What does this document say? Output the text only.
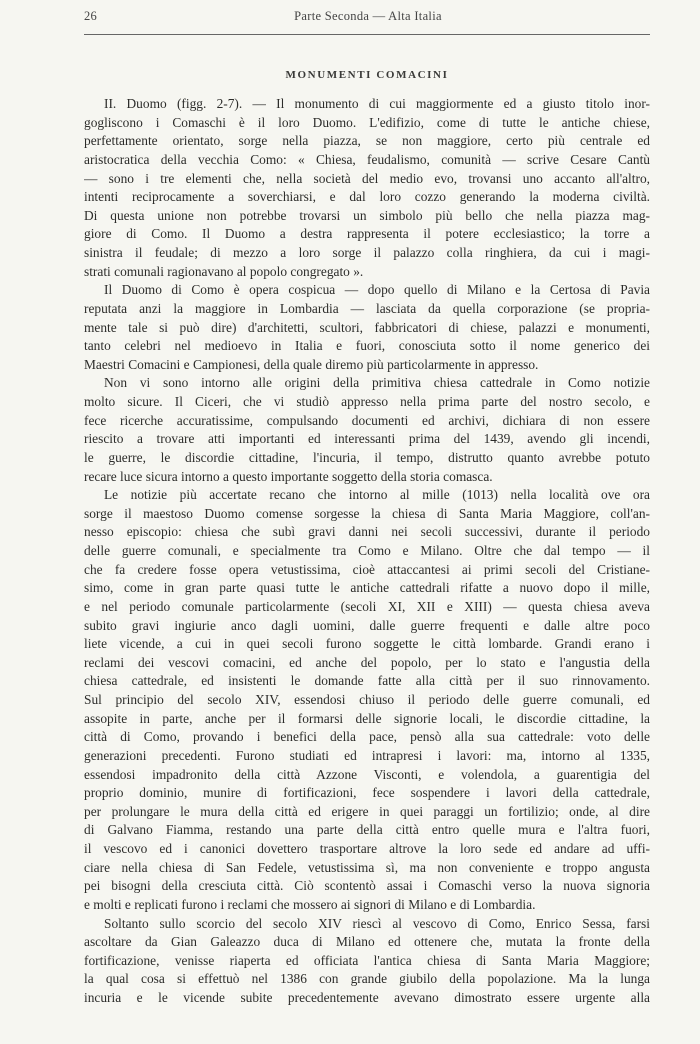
26	Parte Seconda — Alta Italia
MONUMENTI COMACINI
II. Duomo (figg. 2-7). — Il monumento di cui maggiormente ed a giusto titolo inor-
gogliscono i Comaschi è il loro Duomo. L'edifizio, come di tutte le antiche chiese,
perfettamente orientato, sorge nella piazza, se non maggiore, certo più centrale ed
aristocratica della vecchia Como: « Chiesa, feudalismo, comunità — scrive Cesare Cantù
— sono i tre elementi che, nella società del medio evo, trovansi uno accanto all'altro,
intenti reciprocamente a soverchiarsi, e dal loro cozzo generando la moderna civiltà.
Di questa unione non potrebbe trovarsi un simbolo più bello che nella piazza mag-
giore di Como. Il Duomo a destra rappresenta il potere ecclesiastico; la torre a
sinistra il feudale; di mezzo a loro sorge il palazzo colla ringhiera, da cui i magi-
strati comunali ragionavano al popolo congregato ».
Il Duomo di Como è opera cospicua — dopo quello di Milano e la Certosa di Pavia
reputata anzi la maggiore in Lombardia — lasciata da quella corporazione (se propria-
mente tale si può dire) d'architetti, scultori, fabbricatori di chiese, palazzi e monumenti,
tanto celebri nel medioevo in Italia e fuori, conosciuta sotto il nome generico dei
Maestri Comacini e Campionesi, della quale diremo più particolarmente in appresso.
Non vi sono intorno alle origini della primitiva chiesa cattedrale in Como notizie
molto sicure. Il Ciceri, che vi studiò appresso nella prima parte del nostro secolo, e
fece ricerche accuratissime, compulsando documenti ed archivi, dichiara di non essere
riescito a trovare atti importanti ed interessanti prima del 1439, avendo gli incendi,
le guerre, le discordie cittadine, l'incuria, il tempo, distrutto quanto avrebbe potuto
recare luce sicura intorno a questo importante soggetto della storia comasca.
Le notizie più accertate recano che intorno al mille (1013) nella località ove ora
sorge il maestoso Duomo comense sorgesse la chiesa di Santa Maria Maggiore, coll'an-
nesso episcopio: chiesa che subì gravi danni nei secoli successivi, durante il periodo
delle guerre comunali, e specialmente tra Como e Milano. Oltre che dal tempo — il
che fa credere fosse opera vetustissima, cioè attaccantesi ai primi secoli del Cristiane-
simo, come in gran parte quasi tutte le antiche cattedrali rifatte a nuovo dopo il mille,
e nel periodo comunale particolarmente (secoli XI, XII e XIII) — questa chiesa aveva
subito gravi ingiurie anco dagli uomini, dalle guerre frequenti e dalle altre poco
liete vicende, a cui in quei secoli furono soggette le città lombarde. Grandi erano i
reclami dei vescovi comacini, ed anche del popolo, per lo stato e l'angustia della
chiesa cattedrale, ed insistenti le domande fatte alla città per il suo rinnovamento.
Sul principio del secolo XIV, essendosi chiuso il periodo delle guerre comunali, ed
assopite in parte, anche per il formarsi delle signorie locali, le discordie cittadine, la
città di Como, provando i benefici della pace, pensò alla sua cattedrale: voto delle
generazioni precedenti. Furono studiati ed intrapresi i lavori: ma, intorno al 1335,
essendosi impadronito della città Azzone Visconti, e volendola, a guarentigia del
proprio dominio, munire di fortificazioni, fece sospendere i lavori della cattedrale,
per prolungare le mura della città ed erigere in quei paraggi un fortilizio; onde, al dire
di Galvano Fiamma, restando una parte della città entro quelle mura e l'altra fuori,
il vescovo ed i canonici dovettero trasportare altrove la loro sede ed andare ad uffi-
ciare nella chiesa di San Fedele, vetustissima sì, ma non conveniente e troppo angusta
pei bisogni della cresciuta città. Ciò scontentò assai i Comaschi verso la nuova signoria
e molti e replicati furono i reclami che mossero ai signori di Milano e di Lombardia.
Soltanto sullo scorcio del secolo XIV riescì al vescovo di Como, Enrico Sessa, farsi
ascoltare da Gian Galeazzo duca di Milano ed ottenere che, mutata la fronte della
fortificazione, venisse riaperta ed officiata l'antica chiesa di Santa Maria Maggiore;
la qual cosa si effettuò nel 1386 con grande giubilo della popolazione. Ma la lunga
incuria e le vicende subite precedentemente avevano dimostrato essere urgente alla
